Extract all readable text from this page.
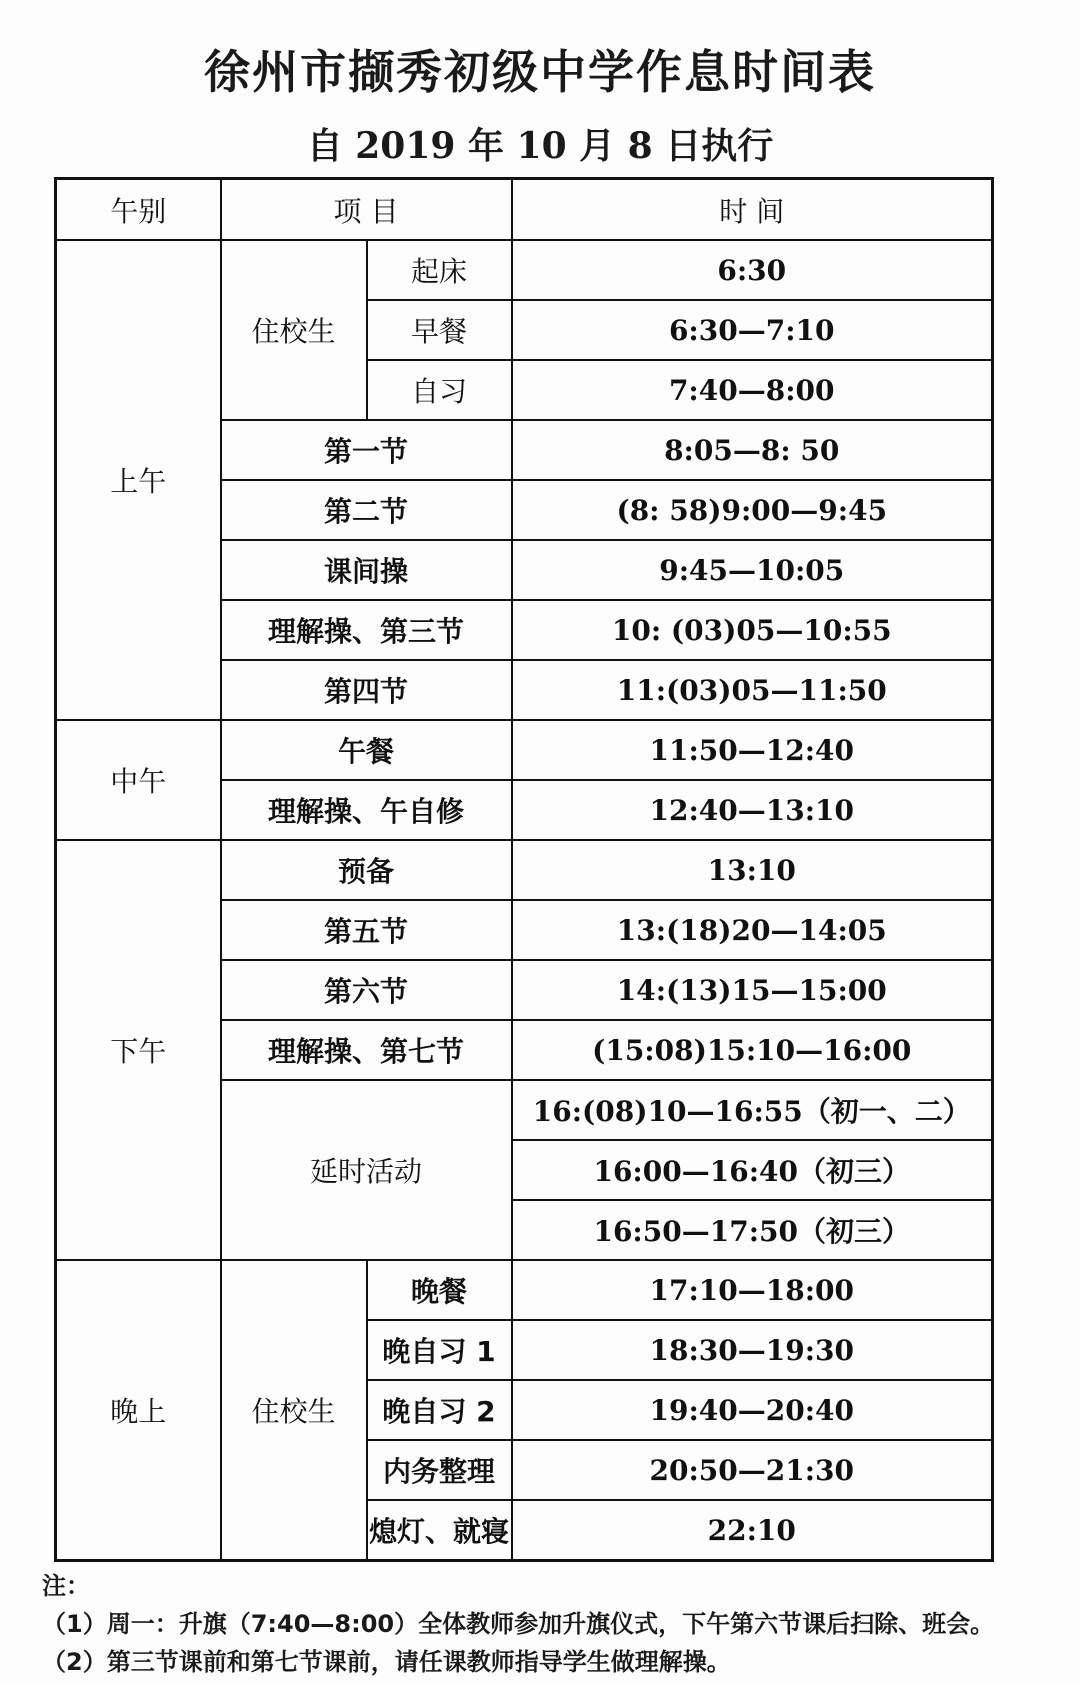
徐州市撷秀初级中学作息时间表
自 2019 年 10 月 8 日执行
午别	项 目		时 间
上午	住校生	起床	6:30
		早餐	6:30—7:10
		自习	7:40—8:00
	第一节		8:05—8: 50
	第二节		(8: 58)9:00—9:45
	课间操		9:45—10:05
	理解操、第三节		10: (03)05—10:55
	第四节		11:(03)05—11:50
中午	午餐		11:50—12:40
	理解操、午自修		12:40—13:10
下午	预备		13:10
	第五节		13:(18)20—14:05
	第六节		14:(13)15—15:00
	理解操、第七节		(15:08)15:10—16:00
	延时活动		16:(08)10—16:55（初一、二）
			16:00—16:40（初三）
			16:50—17:50（初三）
晚上	住校生	晚餐	17:10—18:00
		晚自习 1	18:30—19:30
		晚自习 2	19:40—20:40
		内务整理	20:50—21:30
		熄灯、就寝	22:10
注：
（1）周一：升旗（7:40—8:00）全体教师参加升旗仪式，下午第六节课后扫除、班会。
（2）第三节课前和第七节课前，请任课教师指导学生做理解操。
